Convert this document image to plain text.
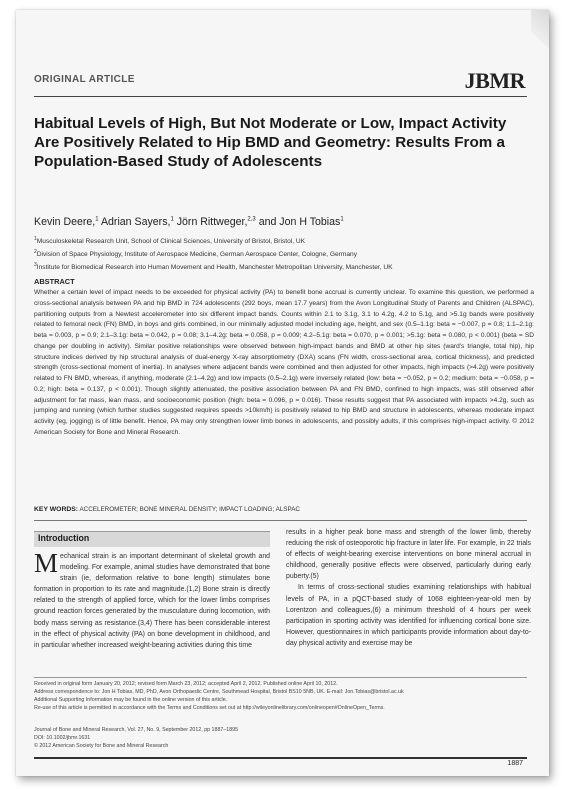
ORIGINAL ARTICLE	JBMR
Habitual Levels of High, But Not Moderate or Low, Impact Activity Are Positively Related to Hip BMD and Geometry: Results From a Population-Based Study of Adolescents
Kevin Deere,$^1$ Adrian Sayers,$^1$ Jörn Rittweger,$^{2,3}$ and Jon H Tobias$^1$
$^1$Musculoskeletal Research Unit, School of Clinical Sciences, University of Bristol, Bristol, UK
$^2$Division of Space Physiology, Institute of Aerospace Medicine, German Aerospace Center, Cologne, Germany
$^3$Institute for Biomedical Research into Human Movement and Health, Manchester Metropolitan University, Manchester, UK
ABSTRACT

Whether a certain level of impact needs to be exceeded for physical activity (PA) to benefit bone accrual is currently unclear. To examine this question, we performed a cross-sectional analysis between PA and hip BMD in 724 adolescents (292 boys, mean 17.7 years) from the Avon Longitudinal Study of Parents and Children (ALSPAC), partitioning outputs from a Newtest accelerometer into six different impact bands. Counts within 2.1 to 3.1g, 3.1 to 4.2g, 4.2 to 5.1g, and >5.1g bands were positively related to femoral neck (FN) BMD, in boys and girls combined, in our minimally adjusted model including age, height, and sex (0.5–1.1g: beta = −0.007, p = 0.8; 1.1–2.1g: beta = 0.003, p = 0.9; 2.1–3.1g: beta = 0.042, p = 0.08; 3.1–4.2g: beta = 0.058, p = 0.009; 4.2–5.1g: beta = 0.070, p = 0.001; >5.1g: beta = 0.080, p < 0.001) (beta = SD change per doubling in activity). Similar positive relationships were observed between high-impact bands and BMD at other hip sites (ward's triangle, total hip), hip structure indices derived by hip structural analysis of dual-energy X-ray absorptiometry (DXA) scans (FN width, cross-sectional area, cortical thickness), and predicted strength (cross-sectional moment of inertia). In analyses where adjacent bands were combined and then adjusted for other impacts, high impacts (>4.2g) were positively related to FN BMD, whereas, if anything, moderate (2.1–4.2g) and low impacts (0.5–2.1g) were inversely related (low: beta = −0.052, p = 0.2; medium: beta = −0.058, p = 0.2; high: beta = 0.137, p < 0.001). Though slightly attenuated, the positive association between PA and FN BMD, confined to high impacts, was still observed after adjustment for fat mass, lean mass, and socioeconomic position (high: beta = 0.096, p = 0.016). These results suggest that PA associated with impacts >4.2g, such as jumping and running (which further studies suggested requires speeds >10km/h) is positively related to hip BMD and structure in adolescents, whereas moderate impact activity (eg, jogging) is of little benefit. Hence, PA may only strengthen lower limb bones in adolescents, and possibly adults, if this comprises high-impact activity. © 2012 American Society for Bone and Mineral Research.

KEY WORDS: ACCELEROMETER; BONE MINERAL DENSITY; IMPACT LOADING; ALSPAC
Introduction

Mechanical strain is an important determinant of skeletal growth and modeling. For example, animal studies have demonstrated that bone strain (ie, deformation relative to bone length) stimulates bone formation in proportion to its rate and magnitude.(1,2) Bone strain is directly related to the strength of applied force, which for the lower limbs comprises ground reaction forces generated by the musculature during locomotion, with body mass serving as resistance.(3,4) There has been considerable interest in the effect of physical activity (PA) on bone development in childhood, and in particular whether increased weight-bearing activities during this time

results in a higher peak bone mass and strength of the lower limb, thereby reducing the risk of osteoporotic hip fracture in later life. For example, in 22 trials of effects of weight-bearing exercise interventions on bone mineral accrual in childhood, generally positive effects were observed, particularly during early puberty.(5)

In terms of cross-sectional studies examining relationships with habitual levels of PA, in a pQCT-based study of 1068 eighteen-year-old men by Lorentzon and colleagues,(6) a minimum threshold of 4 hours per week participation in sporting activity was identified for influencing cortical bone size. However, questionnaires in which participants provide information about day-to-day physical activity and exercise may be

Received in original form January 20, 2012; revised form March 23, 2012; accepted April 2, 2012. Published online April 10, 2012.
Address correspondence to: Jon H Tobias, MD, PhD, Avon Orthopaedic Centre, Southmead Hospital, Bristol BS10 5NB, UK. E-mail: Jon.Tobias@bristol.ac.uk
Additional Supporting Information may be found in the online version of this article.
Re-use of this article is permitted in accordance with the Terms and Conditions set out at http://wileyonlinelibrary.com/onlineopen#OnlineOpen_Terms.
Journal of Bone and Mineral Research, Vol. 27, No. 9, September 2012, pp 1887–1895
DOI: 10.1002/jbmr.1631
© 2012 American Society for Bone and Mineral Research
1887
